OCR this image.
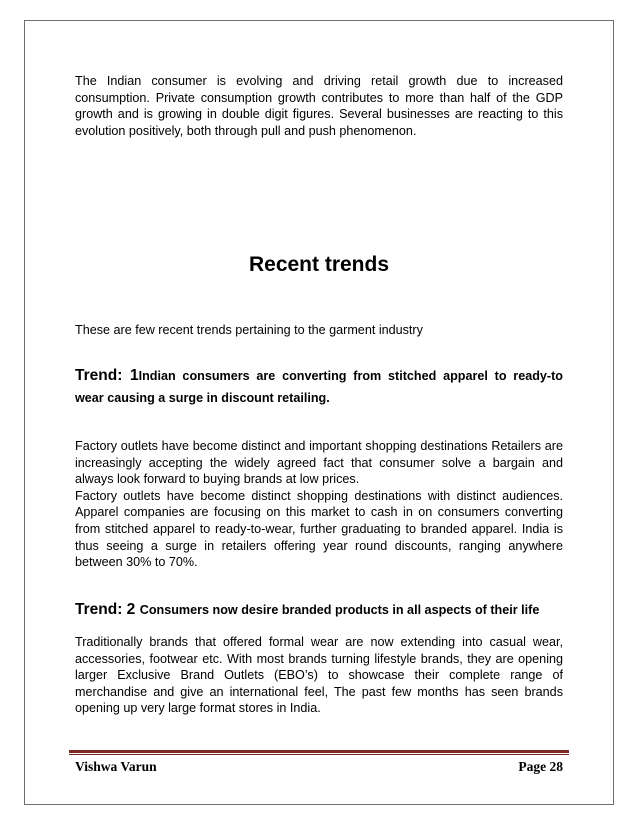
The Indian consumer is evolving and driving retail growth due to increased consumption. Private consumption growth contributes to more than half of the GDP growth and is growing in double digit figures. Several businesses are reacting to this evolution positively, both through pull and push phenomenon.

Recent trends

These are few recent trends pertaining to the garment industry

Trend: 1Indian consumers are converting from stitched apparel to ready-to wear causing a surge in discount retailing.

Factory outlets have become distinct and important shopping destinations Retailers are increasingly accepting the widely agreed fact that consumer solve a bargain and always look forward to buying brands at low prices.

Factory outlets have become distinct shopping destinations with distinct audiences. Apparel companies are focusing on this market to cash in on consumers converting from stitched apparel to ready-to-wear, further graduating to branded apparel. India is thus seeing a surge in retailers offering year round discounts, ranging anywhere between 30% to 70%.

Trend: 2 Consumers now desire branded products in all aspects of their life

Traditionally brands that offered formal wear are now extending into casual wear, accessories, footwear etc. With most brands turning lifestyle brands, they are opening larger Exclusive Brand Outlets (EBO’s) to showcase their complete range of merchandise and give an international feel, The past few months has seen brands opening up very large format stores in India.

Vishwa Varun	Page 28
